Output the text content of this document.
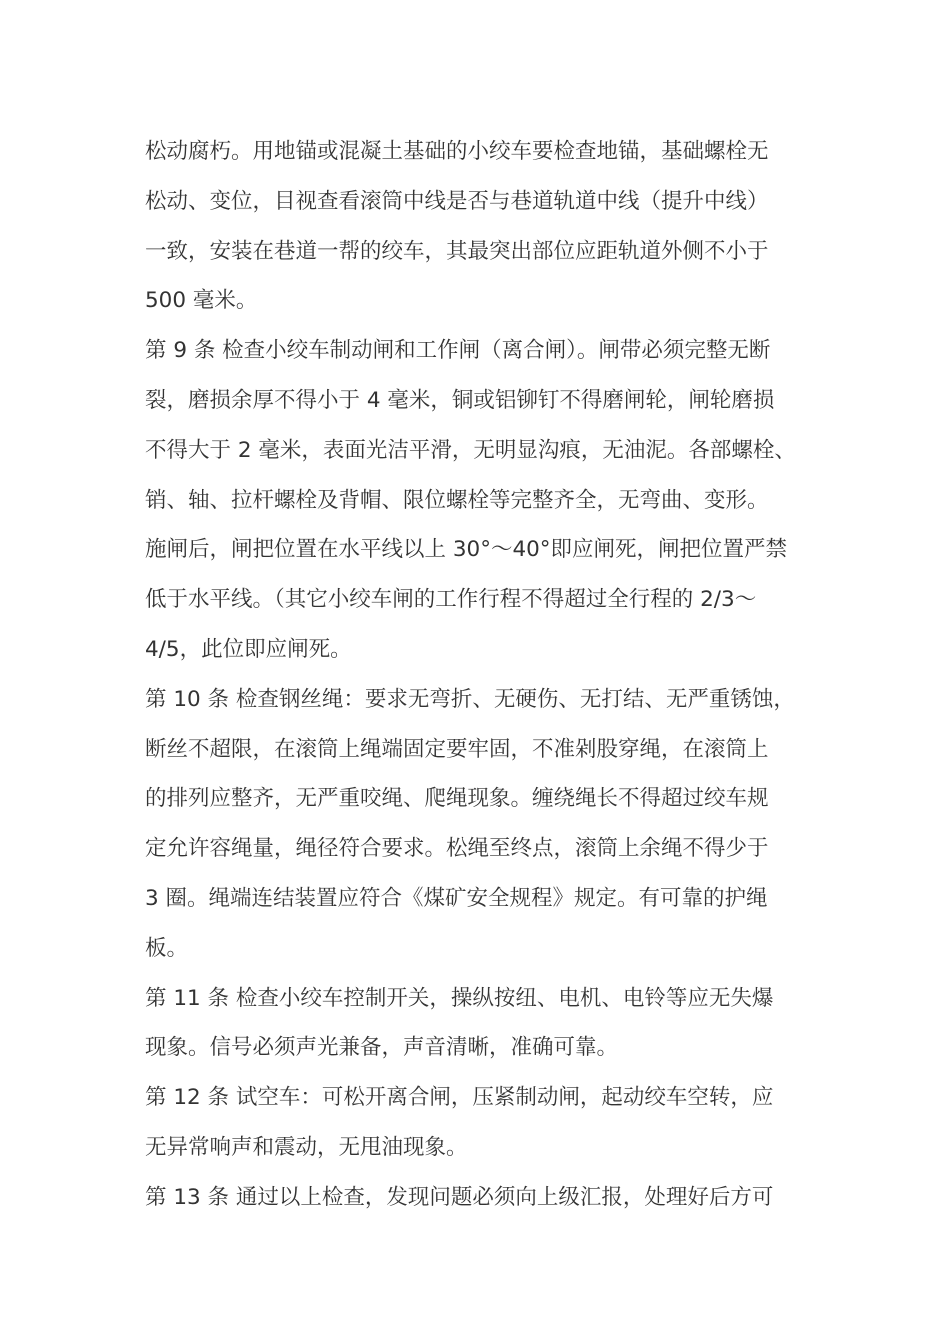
松动腐朽。用地锚或混凝土基础的小绞车要检查地锚，基础螺栓无
松动、变位，目视查看滚筒中线是否与巷道轨道中线（提升中线）
一致，安装在巷道一帮的绞车，其最突出部位应距轨道外侧不小于
500 毫米。
第 9 条 检查小绞车制动闸和工作闸（离合闸）。闸带必须完整无断
裂，磨损余厚不得小于 4 毫米，铜或铝铆钉不得磨闸轮，闸轮磨损
不得大于 2 毫米，表面光洁平滑，无明显沟痕，无油泥。各部螺栓、
销、轴、拉杆螺栓及背帽、限位螺栓等完整齐全，无弯曲、变形。
施闸后，闸把位置在水平线以上 30°～40°即应闸死，闸把位置严禁
低于水平线。（其它小绞车闸的工作行程不得超过全行程的 2/3～
4/5，此位即应闸死。
第 10 条 检查钢丝绳：要求无弯折、无硬伤、无打结、无严重锈蚀，
断丝不超限，在滚筒上绳端固定要牢固，不准剁股穿绳，在滚筒上
的排列应整齐，无严重咬绳、爬绳现象。缠绕绳长不得超过绞车规
定允许容绳量，绳径符合要求。松绳至终点，滚筒上余绳不得少于
3 圈。绳端连结装置应符合《煤矿安全规程》规定。有可靠的护绳
板。
第 11 条 检查小绞车控制开关，操纵按纽、电机、电铃等应无失爆
现象。信号必须声光兼备，声音清晰，准确可靠。
第 12 条 试空车：可松开离合闸，压紧制动闸，起动绞车空转，应
无异常响声和震动，无甩油现象。
第 13 条 通过以上检查，发现问题必须向上级汇报，处理好后方可
